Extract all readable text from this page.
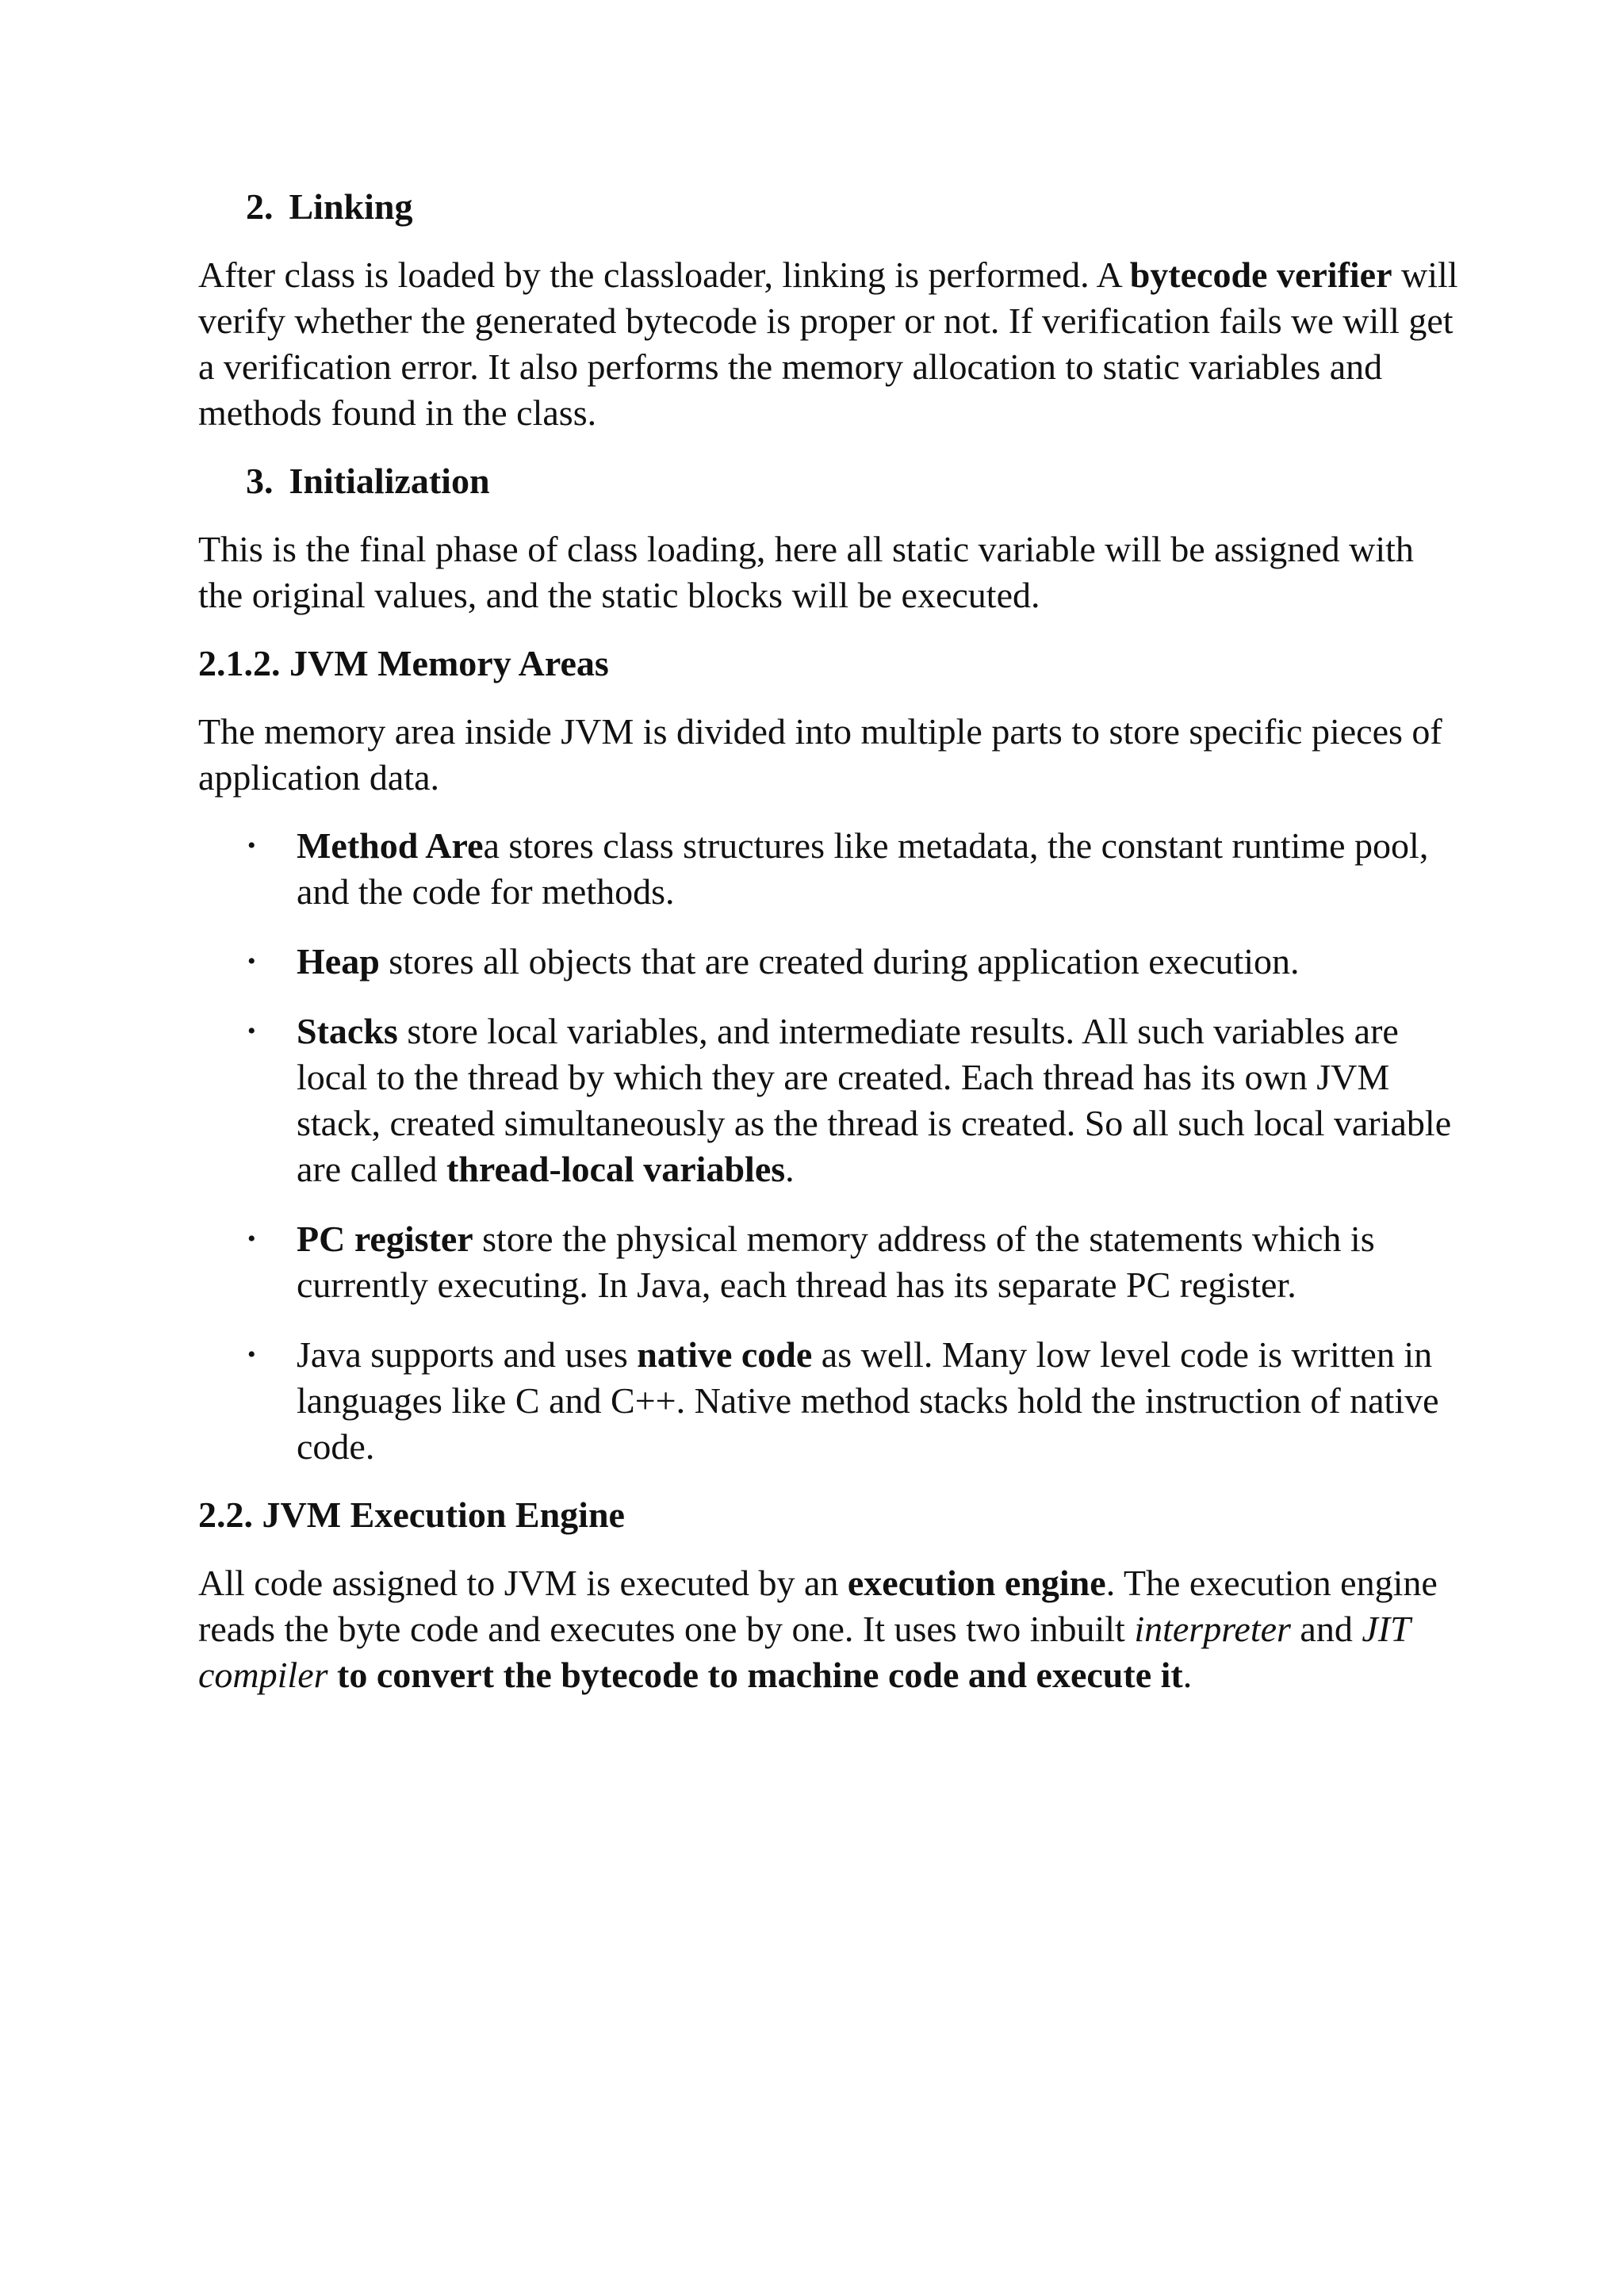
2. Linking

After class is loaded by the classloader, linking is performed. A bytecode verifier will verify whether the generated bytecode is proper or not. If verification fails we will get a verification error. It also performs the memory allocation to static variables and methods found in the class.

3. Initialization

This is the final phase of class loading, here all static variable will be assigned with the original values, and the static blocks will be executed.

2.1.2. JVM Memory Areas

The memory area inside JVM is divided into multiple parts to store specific pieces of application data.

• Method Area stores class structures like metadata, the constant runtime pool, and the code for methods.
• Heap stores all objects that are created during application execution.
• Stacks store local variables, and intermediate results. All such variables are local to the thread by which they are created. Each thread has its own JVM stack, created simultaneously as the thread is created. So all such local variable are called thread-local variables.
• PC register store the physical memory address of the statements which is currently executing. In Java, each thread has its separate PC register.
• Java supports and uses native code as well. Many low level code is written in languages like C and C++. Native method stacks hold the instruction of native code.
2.2. JVM Execution Engine

All code assigned to JVM is executed by an execution engine. The execution engine reads the byte code and executes one by one. It uses two inbuilt interpreter and JIT compiler to convert the bytecode to machine code and execute it.
